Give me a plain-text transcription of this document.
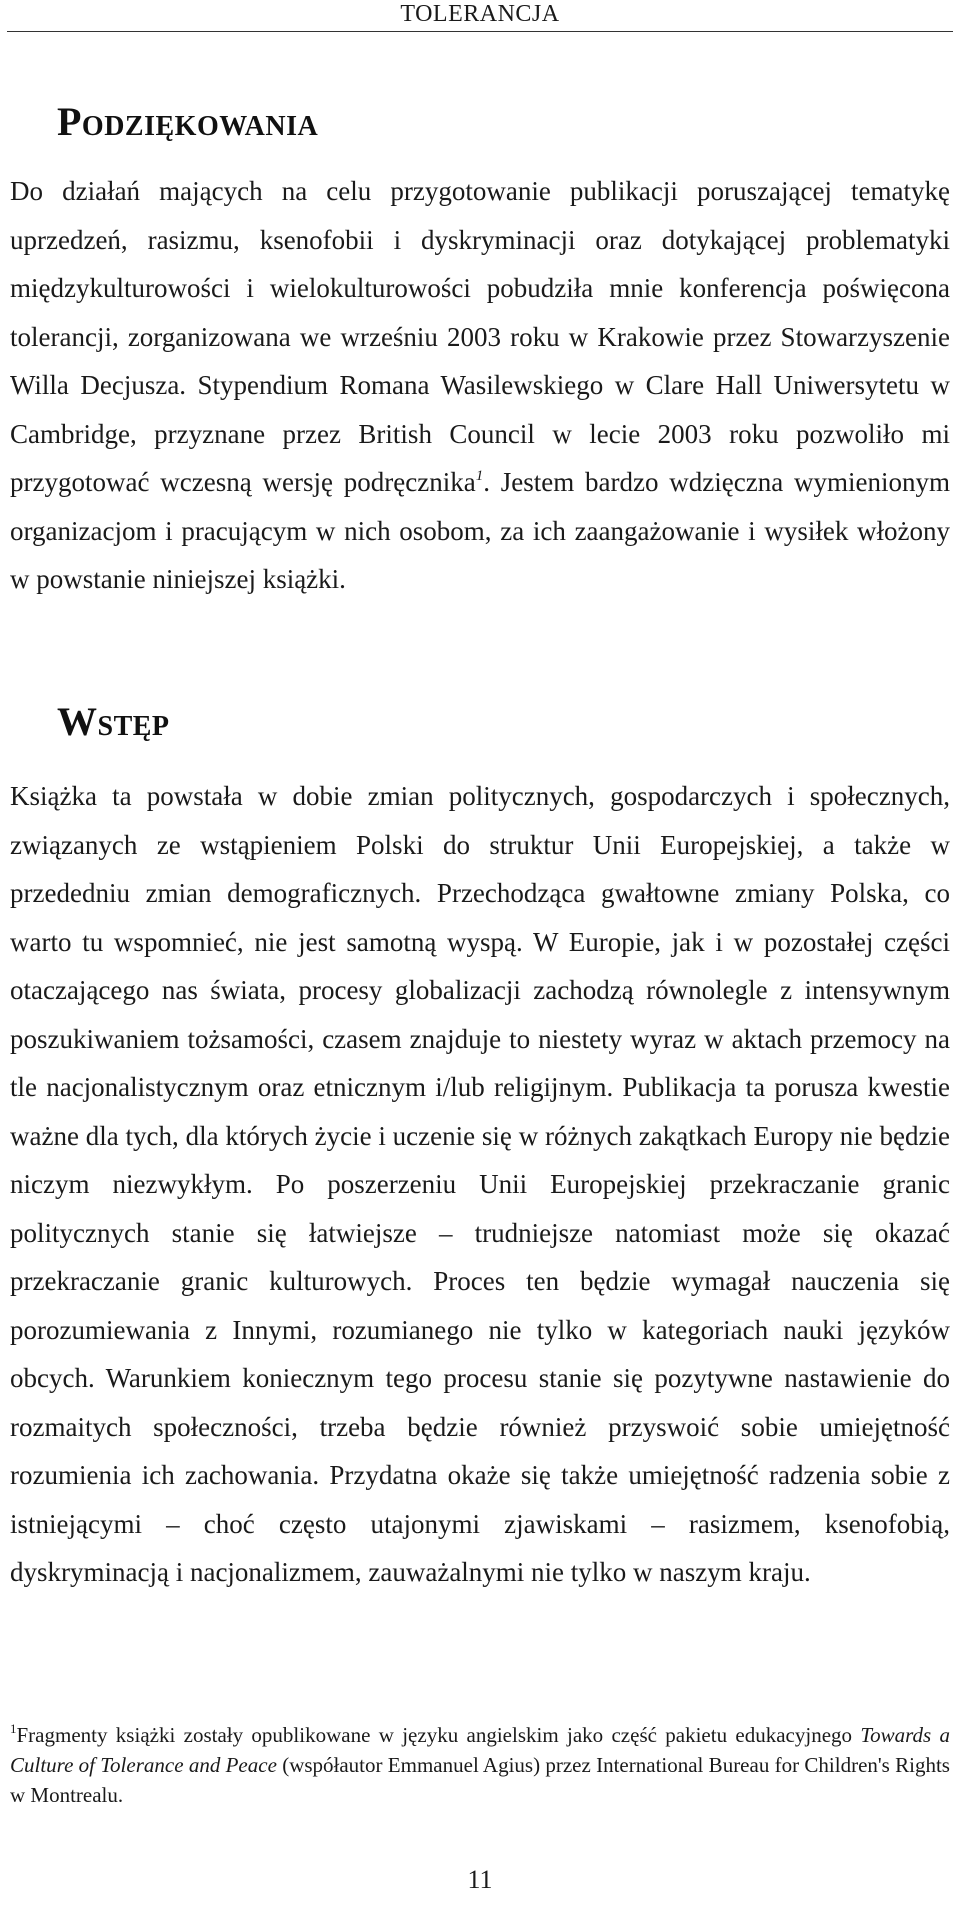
TOLERANCJA
Podziękowania

Do działań mających na celu przygotowanie publikacji poruszającej tematykę uprzedzeń, rasizmu, ksenofobii i dyskryminacji oraz dotykającej problematyki międzykulturowości i wielokulturowości pobudziła mnie konferencja poświęcona tolerancji, zorganizowana we wrześniu 2003 roku w Krakowie przez Stowarzyszenie Willa Decjusza. Stypendium Romana Wasilewskiego w Clare Hall Uniwersytetu w Cambridge, przyznane przez British Council w lecie 2003 roku pozwoliło mi przygotować wczesną wersję podręcznika$^1$. Jestem bardzo wdzięczna wymienionym organizacjom i pracującym w nich osobom, za ich zaangażowanie i wysiłek włożony w powstanie niniejszej książki.

Wstęp

Książka ta powstała w dobie zmian politycznych, gospodarczych i społecznych, związanych ze wstąpieniem Polski do struktur Unii Europejskiej, a także w przededniu zmian demograficznych. Przechodząca gwałtowne zmiany Polska, co warto tu wspomnieć, nie jest samotną wyspą. W Europie, jak i w pozostałej części otaczającego nas świata, procesy globalizacji zachodzą równolegle z intensywnym poszukiwaniem tożsamości, czasem znajduje to niestety wyraz w aktach przemocy na tle nacjonalistycznym oraz etnicznym i/lub religijnym. Publikacja ta porusza kwestie ważne dla tych, dla których życie i uczenie się w różnych zakątkach Europy nie będzie niczym niezwykłym. Po poszerzeniu Unii Europejskiej przekraczanie granic politycznych stanie się łatwiejsze – trudniejsze natomiast może się okazać przekraczanie granic kulturowych. Proces ten będzie wymagał nauczenia się porozumiewania z Innymi, rozumianego nie tylko w kategoriach nauki języków obcych. Warunkiem koniecznym tego procesu stanie się pozytywne nastawienie do rozmaitych społeczności, trzeba będzie również przyswoić sobie umiejętność rozumienia ich zachowania. Przydatna okaże się także umiejętność radzenia sobie z istniejącymi – choć często utajonymi zjawiskami – rasizmem, ksenofobią, dyskryminacją i nacjonalizmem, zauważalnymi nie tylko w naszym kraju.

$^1$Fragmenty książki zostały opublikowane w języku angielskim jako część pakietu edukacyjnego Towards a Culture of Tolerance and Peace (współautor Emmanuel Agius) przez International Bureau for Children's Rights w Montrealu.

11
